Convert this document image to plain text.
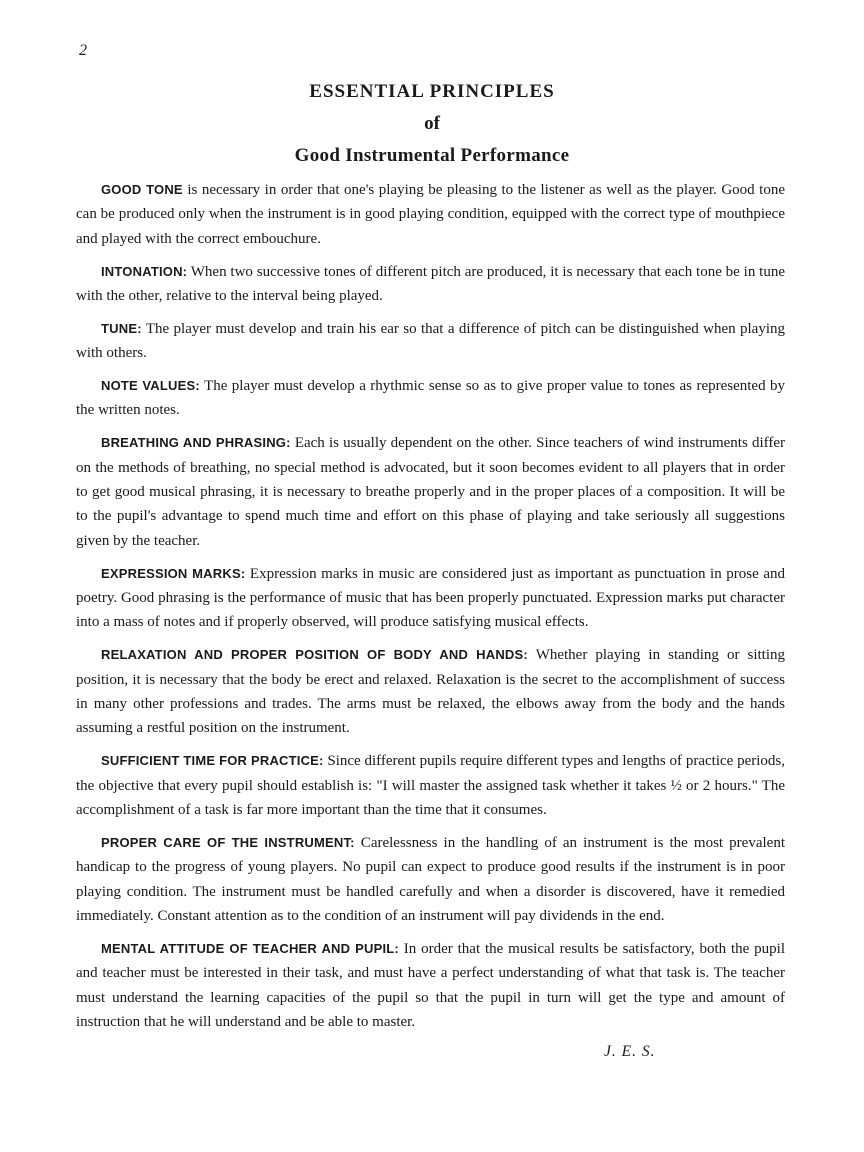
2
ESSENTIAL PRINCIPLES
of
Good Instrumental Performance

GOOD TONE is necessary in order that one's playing be pleasing to the listener as well as the player. Good tone can be produced only when the instrument is in good playing condition, equipped with the correct type of mouthpiece and played with the correct embouchure.

INTONATION: When two successive tones of different pitch are produced, it is necessary that each tone be in tune with the other, relative to the interval being played.

TUNE: The player must develop and train his ear so that a difference of pitch can be distinguished when playing with others.

NOTE VALUES: The player must develop a rhythmic sense so as to give proper value to tones as represented by the written notes.

BREATHING AND PHRASING: Each is usually dependent on the other. Since teachers of wind instruments differ on the methods of breathing, no special method is advocated, but it soon becomes evident to all players that in order to get good musical phrasing, it is necessary to breathe properly and in the proper places of a composition. It will be to the pupil's advantage to spend much time and effort on this phase of playing and take seriously all suggestions given by the teacher.

EXPRESSION MARKS: Expression marks in music are considered just as important as punctuation in prose and poetry. Good phrasing is the performance of music that has been properly punctuated. Expression marks put character into a mass of notes and if properly observed, will produce satisfying musical effects.

RELAXATION AND PROPER POSITION OF BODY AND HANDS: Whether playing in standing or sitting position, it is necessary that the body be erect and relaxed. Relaxation is the secret to the accomplishment of success in many other professions and trades. The arms must be relaxed, the elbows away from the body and the hands assuming a restful position on the instrument.

SUFFICIENT TIME FOR PRACTICE: Since different pupils require different types and lengths of practice periods, the objective that every pupil should establish is: "I will master the assigned task whether it takes ½ or 2 hours." The accomplishment of a task is far more important than the time that it consumes.

PROPER CARE OF THE INSTRUMENT: Carelessness in the handling of an instrument is the most prevalent handicap to the progress of young players. No pupil can expect to produce good results if the instrument is in poor playing condition. The instrument must be handled carefully and when a disorder is discovered, have it remedied immediately. Constant attention as to the condition of an instrument will pay dividends in the end.

MENTAL ATTITUDE OF TEACHER AND PUPIL: In order that the musical results be satisfactory, both the pupil and teacher must be interested in their task, and must have a perfect understanding of what that task is. The teacher must understand the learning capacities of the pupil so that the pupil in turn will get the type and amount of instruction that he will understand and be able to master.

J. E. S.
